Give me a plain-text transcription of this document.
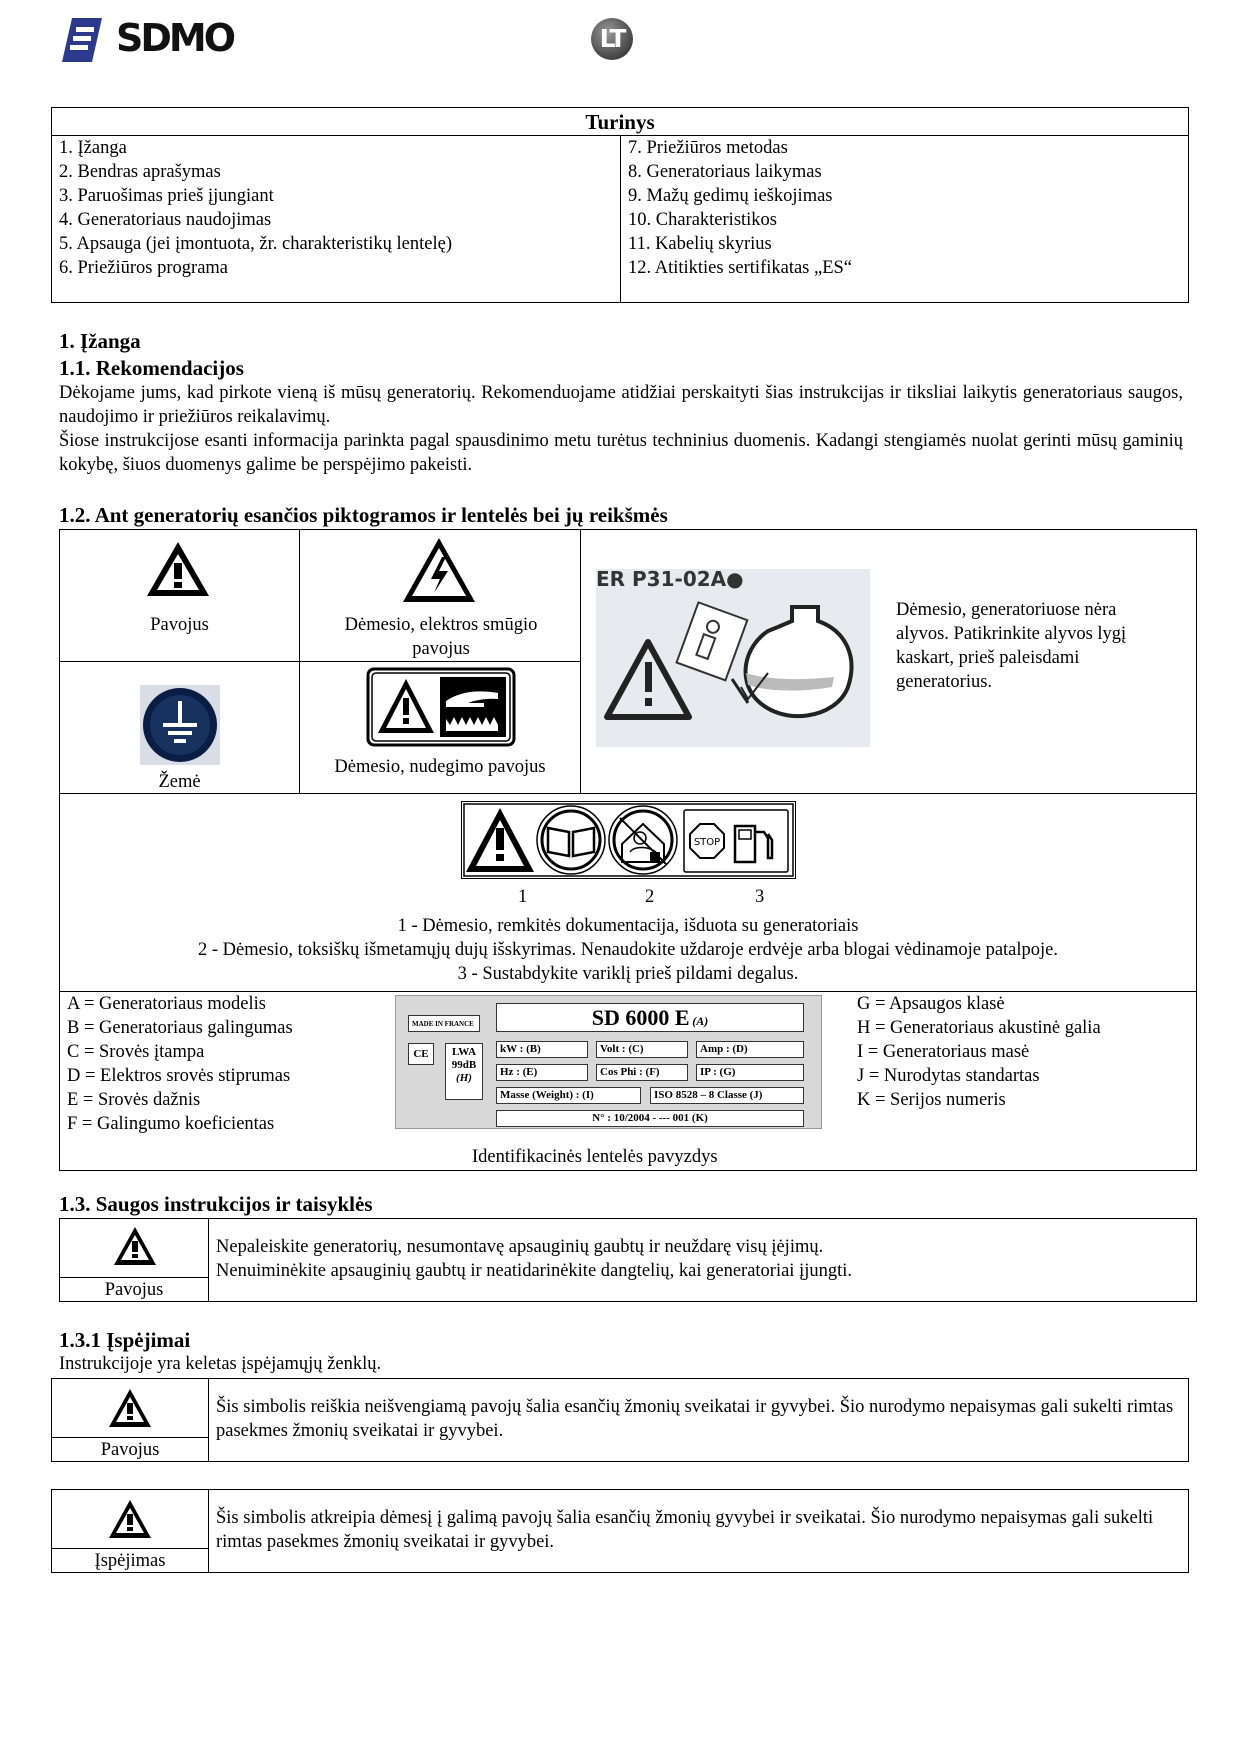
SDMO	LT
Turinys
1. Įžanga
2. Bendras aprašymas
3. Paruošimas prieš įjungiant
4. Generatoriaus naudojimas
5. Apsauga (jei įmontuota, žr. charakteristikų lentelę)
6. Priežiūros programa
7. Priežiūros metodas
8. Generatoriaus laikymas
9. Mažų gedimų ieškojimas
10. Charakteristikos
11. Kabelių skyrius
12. Atitikties sertifikatas „ES“
1. Įžanga
1.1. Rekomendacijos
Dėkojame jums, kad pirkote vieną iš mūsų generatorių. Rekomenduojame atidžiai perskaityti šias instrukcijas ir tiksliai laikytis generatoriaus saugos, naudojimo ir priežiūros reikalavimų.
Šiose instrukcijose esanti informacija parinkta pagal spausdinimo metu turėtus techninius duomenis. Kadangi stengiamės nuolat gerinti mūsų gaminių kokybę, šiuos duomenys galime be perspėjimo pakeisti.
1.2. Ant generatorių esančios piktogramos ir lentelės bei jų reikšmės
Pavojus	Dėmesio, elektros smūgio pavojus
Žemė
Dėmesio, nudegimo pavojus
ER P31-02A●
Dėmesio, generatoriuose nėra alyvos. Patikrinkite alyvos lygį kaskart, prieš paleisdami generatorius.
STOP
1	2	3
1 - Dėmesio, remkitės dokumentacija, išduota su generatoriais
2 - Dėmesio, toksiškų išmetamųjų dujų išskyrimas. Nenaudokite uždaroje erdvėje arba blogai vėdinamoje patalpoje.
3 - Sustabdykite variklį prieš pildami degalus.
A = Generatoriaus modelis
B = Generatoriaus galingumas
C = Srovės įtampa
D = Elektros srovės stiprumas
E = Srovės dažnis
F = Galingumo koeficientas
MADE IN FRANCE	SD 6000 E (A)
CE	LWA
99dB
(H)
kW : (B)	Volt : (C)	Amp : (D)
Hz : (E)	Cos Phi : (F)	IP : (G)
Masse (Weight) : (I)	ISO 8528 – 8 Classe (J)
N° : 10/2004 - --- 001 (K)
Identifikacinės lentelės pavyzdys
G = Apsaugos klasė
H = Generatoriaus akustinė galia
I = Generatoriaus masė
J = Nurodytas standartas
K = Serijos numeris
1.3. Saugos instrukcijos ir taisyklės
Pavojus
Nepaleiskite generatorių, nesumontavę apsauginių gaubtų ir neuždarę visų įėjimų.
Nenuiminėkite apsauginių gaubtų ir neatidarinėkite dangtelių, kai generatoriai įjungti.
1.3.1 Įspėjimai
Instrukcijoje yra keletas įspėjamųjų ženklų.
Pavojus
Šis simbolis reiškia neišvengiamą pavojų šalia esančių žmonių sveikatai ir gyvybei. Šio nurodymo nepaisymas gali sukelti rimtas pasekmes žmonių sveikatai ir gyvybei.
Įspėjimas
Šis simbolis atkreipia dėmesį į galimą pavojų šalia esančių žmonių gyvybei ir sveikatai. Šio nurodymo nepaisymas gali sukelti rimtas pasekmes žmonių sveikatai ir gyvybei.
